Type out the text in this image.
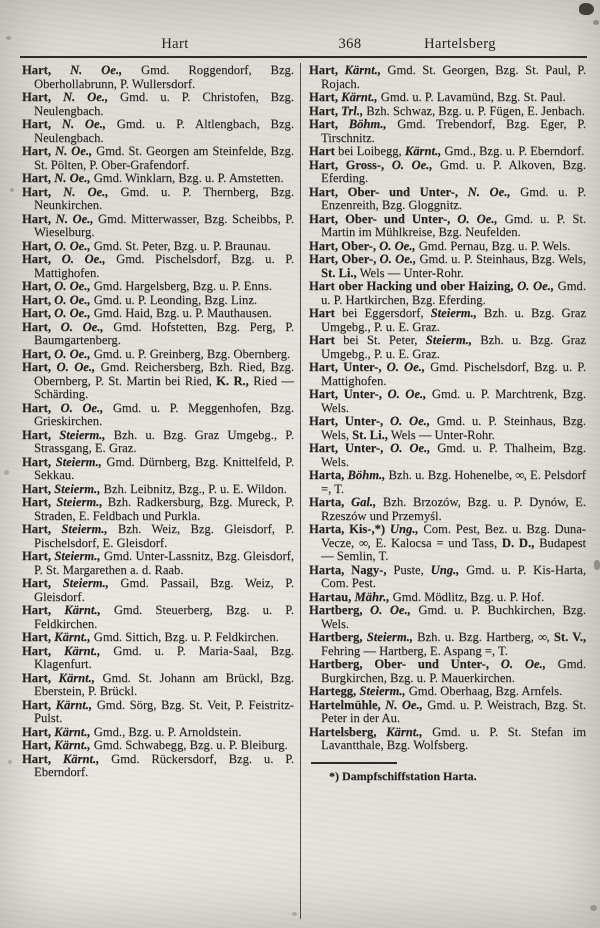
Hart	368	Hartelsberg

Hart, N. Oe., Gmd. Roggendorf, Bzg. Oberhollabrunn, P. Wullersdorf.

Hart, N. Oe., Gmd. u. P. Christofen, Bzg. Neulengbach.

Hart, N. Oe., Gmd. u. P. Altlengbach, Bzg. Neulengbach.

Hart, N. Oe., Gmd. St. Georgen am Steinfelde, Bzg. St. Pölten, P. Ober-Grafendorf.

Hart, N. Oe., Gmd. Winklarn, Bzg. u. P. Amstetten.

Hart, N. Oe., Gmd. u. P. Thernberg, Bzg. Neunkirchen.

Hart, N. Oe., Gmd. Mitterwasser, Bzg. Scheibbs, P. Wieselburg.

Hart, O. Oe., Gmd. St. Peter, Bzg. u. P. Braunau.

Hart, O. Oe., Gmd. Pischelsdorf, Bzg. u. P. Mattighofen.

Hart, O. Oe., Gmd. Hargelsberg, Bzg. u. P. Enns.

Hart, O. Oe., Gmd. u. P. Leonding, Bzg. Linz.

Hart, O. Oe., Gmd. Haid, Bzg. u. P. Mauthausen.

Hart, O. Oe., Gmd. Hofstetten, Bzg. Perg, P. Baumgartenberg.

Hart, O. Oe., Gmd. u. P. Greinberg, Bzg. Obernberg.

Hart, O. Oe., Gmd. Reichersberg, Bzh. Ried, Bzg. Obernberg, P. St. Martin bei Ried, K. R., Ried — Schärding.

Hart, O. Oe., Gmd. u. P. Meggenhofen, Bzg. Grieskirchen.

Hart, Steierm., Bzh. u. Bzg. Graz Umgebg., P. Strassgang, E. Graz.

Hart, Steierm., Gmd. Dürnberg, Bzg. Knittelfeld, P. Sekkau.

Hart, Steierm., Bzh. Leibnitz, Bzg., P. u. E. Wildon.

Hart, Steierm., Bzh. Radkersburg, Bzg. Mureck, P. Straden, E. Feldbach und Purkla.

Hart, Steierm., Bzh. Weiz, Bzg. Gleisdorf, P. Pischelsdorf, E. Gleisdorf.

Hart, Steierm., Gmd. Unter-Lassnitz, Bzg. Gleisdorf, P. St. Margarethen a. d. Raab.

Hart, Steierm., Gmd. Passail, Bzg. Weiz, P. Gleisdorf.

Hart, Kärnt., Gmd. Steuerberg, Bzg. u. P. Feldkirchen.

Hart, Kärnt., Gmd. Sittich, Bzg. u. P. Feldkirchen.

Hart, Kärnt., Gmd. u. P. Maria-Saal, Bzg. Klagenfurt.

Hart, Kärnt., Gmd. St. Johann am Brückl, Bzg. Eberstein, P. Brückl.

Hart, Kärnt., Gmd. Sörg, Bzg. St. Veit, P. Feistritz-Pulst.

Hart, Kärnt., Gmd., Bzg. u. P. Arnoldstein.

Hart, Kärnt., Gmd. Schwabegg, Bzg. u. P. Bleiburg.

Hart, Kärnt., Gmd. Rückersdorf, Bzg. u. P. Eberndorf.

Hart, Kärnt., Gmd. St. Georgen, Bzg. St. Paul, P. Rojach.

Hart, Kärnt., Gmd. u. P. Lavamünd, Bzg. St. Paul.

Hart, Trl., Bzh. Schwaz, Bzg. u. P. Fügen, E. Jenbach.

Hart, Böhm., Gmd. Trebendorf, Bzg. Eger, P. Tirschnitz.

Hart bei Loibegg, Kärnt., Gmd., Bzg. u. P. Eberndorf.

Hart, Gross-, O. Oe., Gmd. u. P. Alkoven, Bzg. Eferding.

Hart, Ober- und Unter-, N. Oe., Gmd. u. P. Enzenreith, Bzg. Gloggnitz.

Hart, Ober- und Unter-, O. Oe., Gmd. u. P. St. Martin im Mühlkreise, Bzg. Neufelden.

Hart, Ober-, O. Oe., Gmd. Pernau, Bzg. u. P. Wels.

Hart, Ober-, O. Oe., Gmd. u. P. Steinhaus, Bzg. Wels, St. Li., Wels — Unter-Rohr.

Hart ober Hacking und ober Haizing, O. Oe., Gmd. u. P. Hartkirchen, Bzg. Eferding.

Hart bei Eggersdorf, Steierm., Bzh. u. Bzg. Graz Umgebg., P. u. E. Graz.

Hart bei St. Peter, Steierm., Bzh. u. Bzg. Graz Umgebg., P. u. E. Graz.

Hart, Unter-, O. Oe., Gmd. Pischelsdorf, Bzg. u. P. Mattighofen.

Hart, Unter-, O. Oe., Gmd. u. P. Marchtrenk, Bzg. Wels.

Hart, Unter-, O. Oe., Gmd. u. P. Steinhaus, Bzg. Wels, St. Li., Wels — Unter-Rohr.

Hart, Unter-, O. Oe., Gmd. u. P. Thalheim, Bzg. Wels.

Harta, Böhm., Bzh. u. Bzg. Hohenelbe, ∞, E. Pelsdorf =, T.

Harta, Gal., Bzh. Brzozów, Bzg. u. P. Dynów, E. Rzeszów und Przemyśl.

Harta, Kis-,*) Ung., Com. Pest, Bez. u. Bzg. Duna-Vecze, ∞, E. Kalocsa = und Tass, D. D., Budapest — Semlin, T.

Harta, Nagy-, Puste, Ung., Gmd. u. P. Kis-Harta, Com. Pest.

Hartau, Mähr., Gmd. Mödlitz, Bzg. u. P. Hof.

Hartberg, O. Oe., Gmd. u. P. Buchkirchen, Bzg. Wels.

Hartberg, Steierm., Bzh. u. Bzg. Hartberg, ∞, St. V., Fehring — Hartberg, E. Aspang =, T.

Hartberg, Ober- und Unter-, O. Oe., Gmd. Burgkirchen, Bzg. u. P. Mauerkirchen.

Hartegg, Steierm., Gmd. Oberhaag, Bzg. Arnfels.

Hartelmühle, N. Oe., Gmd. u. P. Weistrach, Bzg. St. Peter in der Au.

Hartelsberg, Kärnt., Gmd. u. P. St. Stefan im Lavantthale, Bzg. Wolfsberg.

*) Dampfschiffstation Harta.
